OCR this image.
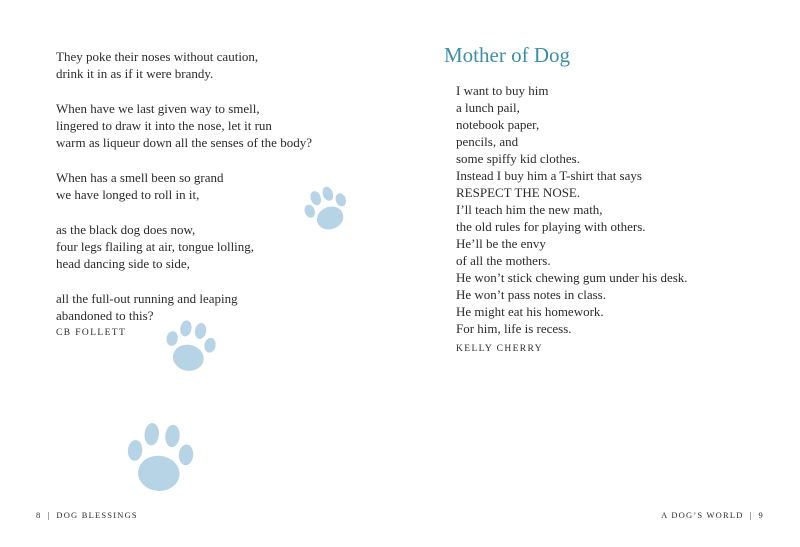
They poke their noses without caution,
drink it in as if it were brandy.
When have we last given way to smell,
lingered to draw it into the nose, let it run
warm as liqueur down all the senses of the body?
When has a smell been so grand
we have longed to roll in it,
as the black dog does now,
four legs flailing at air, tongue lolling,
head dancing side to side,
all the full-out running and leaping
abandoned to this?
CB FOLLETT
8 | DOG BLESSINGS
Mother of Dog
I want to buy him
a lunch pail,
notebook paper,
pencils, and
some spiffy kid clothes.
Instead I buy him a T-shirt that says
RESPECT THE NOSE.
I’ll teach him the new math,
the old rules for playing with others.
He’ll be the envy
of all the mothers.
He won’t stick chewing gum under his desk.
He won’t pass notes in class.
He might eat his homework.
For him, life is recess.
KELLY CHERRY
A DOG’S WORLD | 9
